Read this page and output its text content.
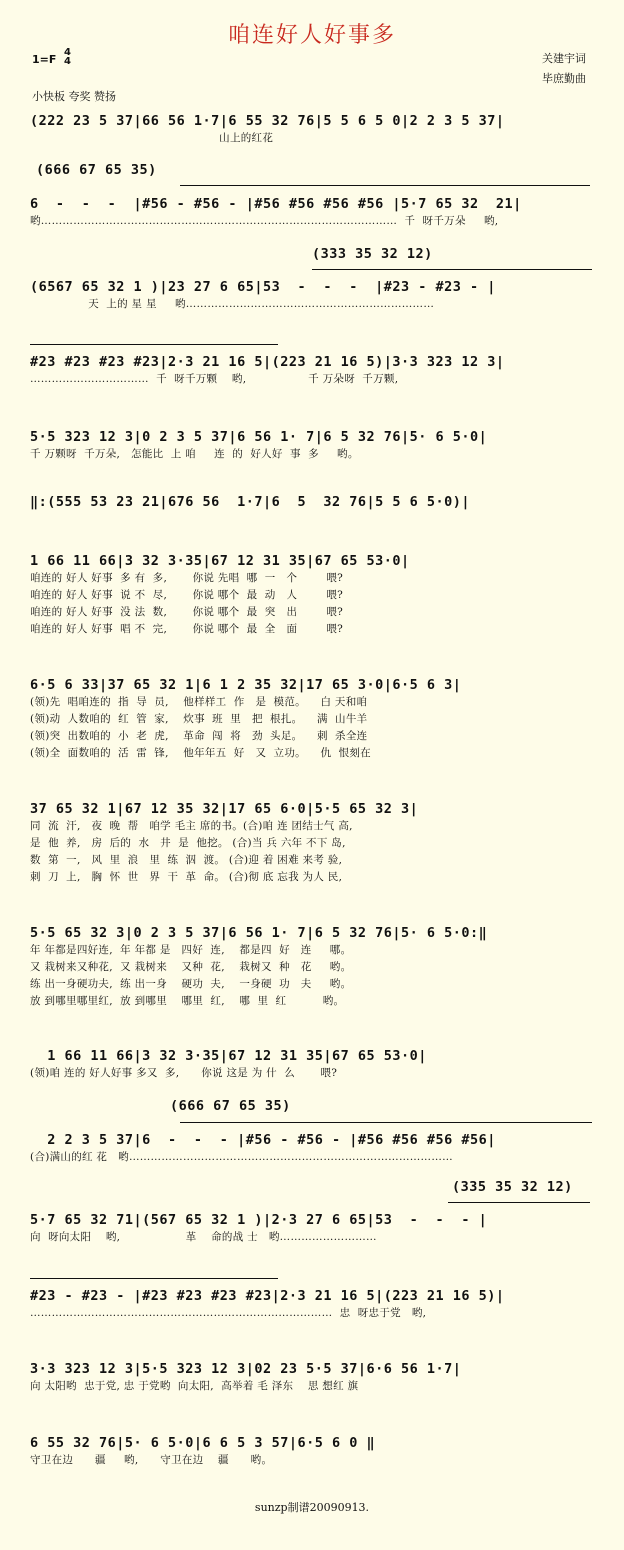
咱连好人好事多
1=F
4
4	关建宇词
毕庶勤曲
小快板 夸奖 赞扬
(222 23 5 37|66 56 1·7|6 55 32 76|5 5 6 5 0|2 2 3 5 37|
山上的红花
(666 67 65 35)
6  -  -  -  |#56 - #56 - |#56 #56 #56 #56 |5·7 65 32  21|
哟………………………………………………………………………………………  千  呀千万朵     哟,
(333 35 32 12)
(6567 65 32 1 )|23 27 6 65|53  -  -  -  |#23 - #23 - |
天  上的 星 星     哟……………………………………………………………
#23 #23 #23 #23|2·3 21 16 5|(223 21 16 5)|3·3 323 12 3|
……………………………  千  呀千万颗    哟,                 千 万朵呀  千万颗,
5·5 323 12 3|0 2 3 5 37|6 56 1· 7|6 5 32 76|5· 6 5·0|
千 万颗呀  千万朵,   怎能比  上 咱     连  的  好人好  事  多     哟。
‖:(555 53 23 21|676 56  1·7|6  5  32 76|5 5 6 5·0)|
1 66 11 66|3 32 3·35|67 12 31 35|67 65 53·0|
咱连的 好人 好事  多 有  多,       你说 先唱  哪  一   个        喂?
咱连的 好人 好事  说 不  尽,       你说 哪个  最  动   人        喂?
咱连的 好人 好事  没 法  数,       你说 哪个  最  突   出        喂?
咱连的 好人 好事  唱 不  完,       你说 哪个  最  全   面        喂?
6·5 6 33|37 65 32 1|6 1 2 35 32|17 65 3·0|6·5 6 3|
(领)先  唱咱连的  指  导  员,    他样样工  作   是  模范。    白 天和咱
(领)动  人数咱的  红  管  家,    炊事  班  里   把  根扎。    满  山牛羊
(领)突  出数咱的  小  老  虎,    革命  闯  将   劲  头足。    刺  杀全连
(领)全  面数咱的  活  雷  锋,    他年年五  好   又  立功。    仇  恨刻在
37 65 32 1|67 12 35 32|17 65 6·0|5·5 65 32 3|
同  流  汗,   夜  晚  帮   咱学 毛主 席的书。(合)咱 连 团结士气 高,
是  他  养,   房  后的  水   井  是  他挖。 (合)当 兵 六年 不下 岛,
数  第  一,   风  里  浪   里  练  泅  渡。 (合)迎 着 困难 来考 验,
刺  刀  上,   胸  怀  世   界  干  革  命。 (合)彻 底 忘我 为人 民,
5·5 65 32 3|0 2 3 5 37|6 56 1· 7|6 5 32 76|5· 6 5·0:‖
年 年都是四好连,  年 年都 是   四好  连,    都是四  好   连     哪。
又 栽树来又种花,  又 栽树来    又种  花,    栽树又  种   花     哟。
练 出一身硬功夫,  练 出一身    硬功  夫,    一身硬  功   夫     哟。
放 到哪里哪里红,  放 到哪里    哪里  红,    哪  里  红          哟。
1 66 11 66|3 32 3·35|67 12 31 35|67 65 53·0|
(领)咱 连的 好人好事 多又  多,      你说 这是 为 什  么       喂?
(666 67 65 35)
2 2 3 5 37|6  -  -  - |#56 - #56 - |#56 #56 #56 #56|
(合)满山的红 花   哟………………………………………………………………………………
(335 35 32 12)
5·7 65 32 71|(567 65 32 1 )|2·3 27 6 65|53  -  -  - |
向  呀向太阳    哟,                  革    命的战 士   哟………………………
#23 - #23 - |#23 #23 #23 #23|2·3 21 16 5|(223 21 16 5)|
…………………………………………………………………………  忠  呀忠于党   哟,
3·3 323 12 3|5·5 323 12 3|02 23 5·5 37|6·6 56 1·7|
向 太阳哟  忠于党, 忠 于党哟  向太阳,  高举着 毛 泽东    思 想红 旗
6 55 32 76|5· 6 5·0|6 6 5 3 57|6·5 6 0 ‖
守卫在边      疆     哟,      守卫在边    疆      哟。
sunzp制谱20090913.
